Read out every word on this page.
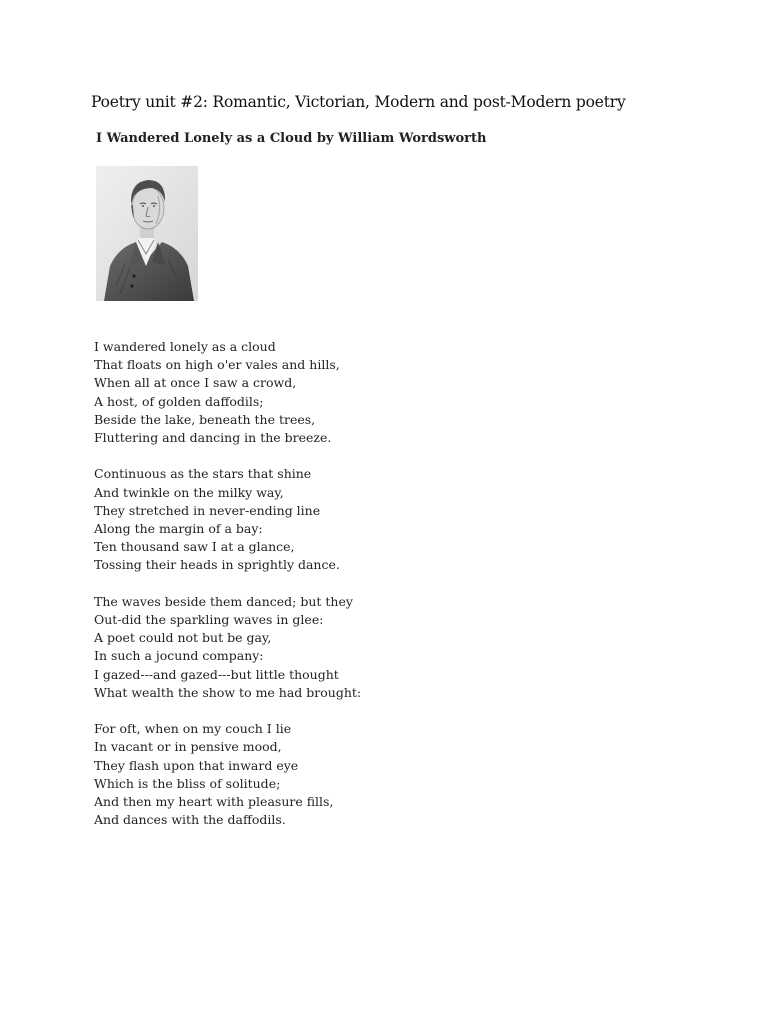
Poetry unit #2: Romantic, Victorian, Modern and post-Modern poetry
I Wandered Lonely as a Cloud by William Wordsworth
I wandered lonely as a cloud
That floats on high o'er vales and hills,
When all at once I saw a crowd,
A host, of golden daffodils;
Beside the lake, beneath the trees,
Fluttering and dancing in the breeze.
Continuous as the stars that shine
And twinkle on the milky way,
They stretched in never-ending line
Along the margin of a bay:
Ten thousand saw I at a glance,
Tossing their heads in sprightly dance.
The waves beside them danced; but they
Out-did the sparkling waves in glee:
A poet could not but be gay,
In such a jocund company:
I gazed---and gazed---but little thought
What wealth the show to me had brought:
For oft, when on my couch I lie
In vacant or in pensive mood,
They flash upon that inward eye
Which is the bliss of solitude;
And then my heart with pleasure fills,
And dances with the daffodils.
